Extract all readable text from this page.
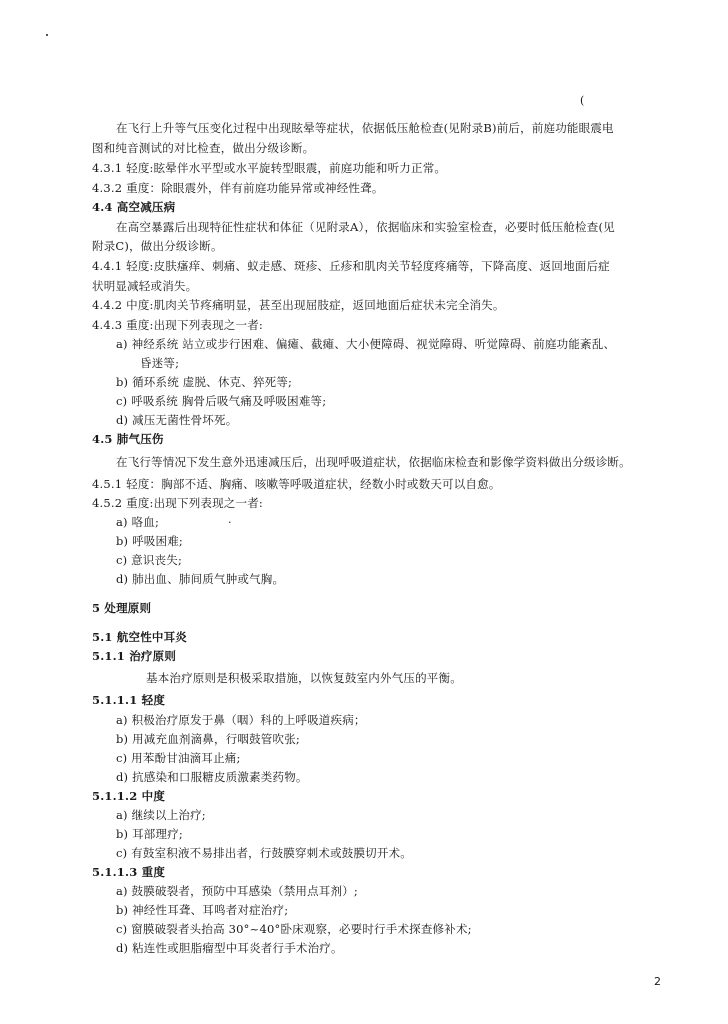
(
在飞行上升等气压变化过程中出现眩晕等症状，依据低压舱检查(见附录B)前后，前庭功能眼震电
图和纯音测试的对比检查，做出分级诊断。
4.3.1 轻度:眩晕伴水平型或水平旋转型眼震，前庭功能和听力正常。
4.3.2 重度：除眼震外，伴有前庭功能异常或神经性聋。
4.4 高空减压病
在高空暴露后出现特征性症状和体征（见附录A），依据临床和实验室检查，必要时低压舱检查(见
附录C)，做出分级诊断。
4.4.1 轻度:皮肤瘙痒、刺痛、蚁走感、斑疹、丘疹和肌肉关节轻度疼痛等，下降高度、返回地面后症
状明显减轻或消失。
4.4.2 中度:肌肉关节疼痛明显，甚至出现屈肢症，返回地面后症状未完全消失。
4.4.3 重度:出现下列表现之一者:
a) 神经系统 站立或步行困难、偏瘫、截瘫、大小便障碍、视觉障碍、听觉障碍、前庭功能紊乱、
昏迷等;
b) 循环系统 虚脱、休克、猝死等;
c) 呼吸系统 胸骨后吸气痛及呼吸困难等;
d) 减压无菌性骨坏死。
4.5 肺气压伤
在飞行等情况下发生意外迅速减压后，出现呼吸道症状，依据临床检查和影像学资料做出分级诊断。
4.5.1 轻度：胸部不适、胸痛、咳嗽等呼吸道症状，经数小时或数天可以自愈。
4.5.2 重度:出现下列表现之一者:
a) 咯血;	.
b) 呼吸困难;
c) 意识丧失;
d) 肺出血、肺间质气肿或气胸。
5 处理原则
5.1 航空性中耳炎
5.1.1 治疗原则
基本治疗原则是积极采取措施，以恢复鼓室内外气压的平衡。
5.1.1.1 轻度
a) 积极治疗原发于鼻（咽）科的上呼吸道疾病；
b) 用减充血剂滴鼻，行咽鼓管吹张;
c) 用苯酚甘油滴耳止痛;
d) 抗感染和口服糖皮质激素类药物。
5.1.1.2 中度
a) 继续以上治疗;
b) 耳部理疗;
c) 有鼓室积液不易排出者，行鼓膜穿刺术或鼓膜切开术。
5.1.1.3 重度
a) 鼓膜破裂者，预防中耳感染（禁用点耳剂）;
b) 神经性耳聋、耳鸣者对症治疗;
c) 窗膜破裂者头抬高 30°~40°卧床观察，必要时行手术探查修补术;
d) 粘连性或胆脂瘤型中耳炎者行手术治疗。
2
